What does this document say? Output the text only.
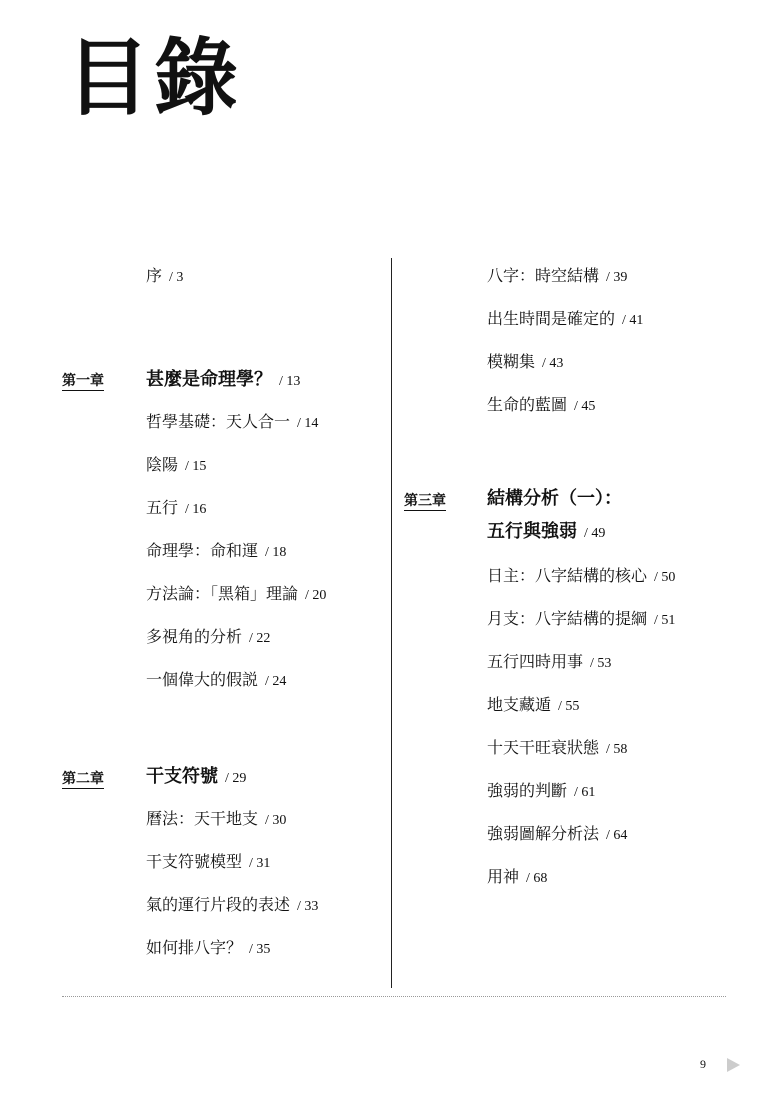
目錄
序 / 3
第一章 甚麼是命理學？ / 13
哲學基礎：天人合一 / 14
陰陽 / 15
五行 / 16
命理學：命和運 / 18
方法論：「黑箱」理論 / 20
多視角的分析 / 22
一個偉大的假説 / 24
第二章 干支符號 / 29
曆法：天干地支 / 30
干支符號模型 / 31
氣的運行片段的表述 / 33
如何排八字？ / 35
八字：時空結構 / 39
出生時間是確定的 / 41
模糊集 / 43
生命的藍圖 / 45
第三章 結構分析（一）：
五行與強弱 / 49
日主：八字結構的核心 / 50
月支：八字結構的提綱 / 51
五行四時用事 / 53
地支藏遁 / 55
十天干旺衰狀態 / 58
強弱的判斷 / 61
強弱圖解分析法 / 64
用神 / 68
9
